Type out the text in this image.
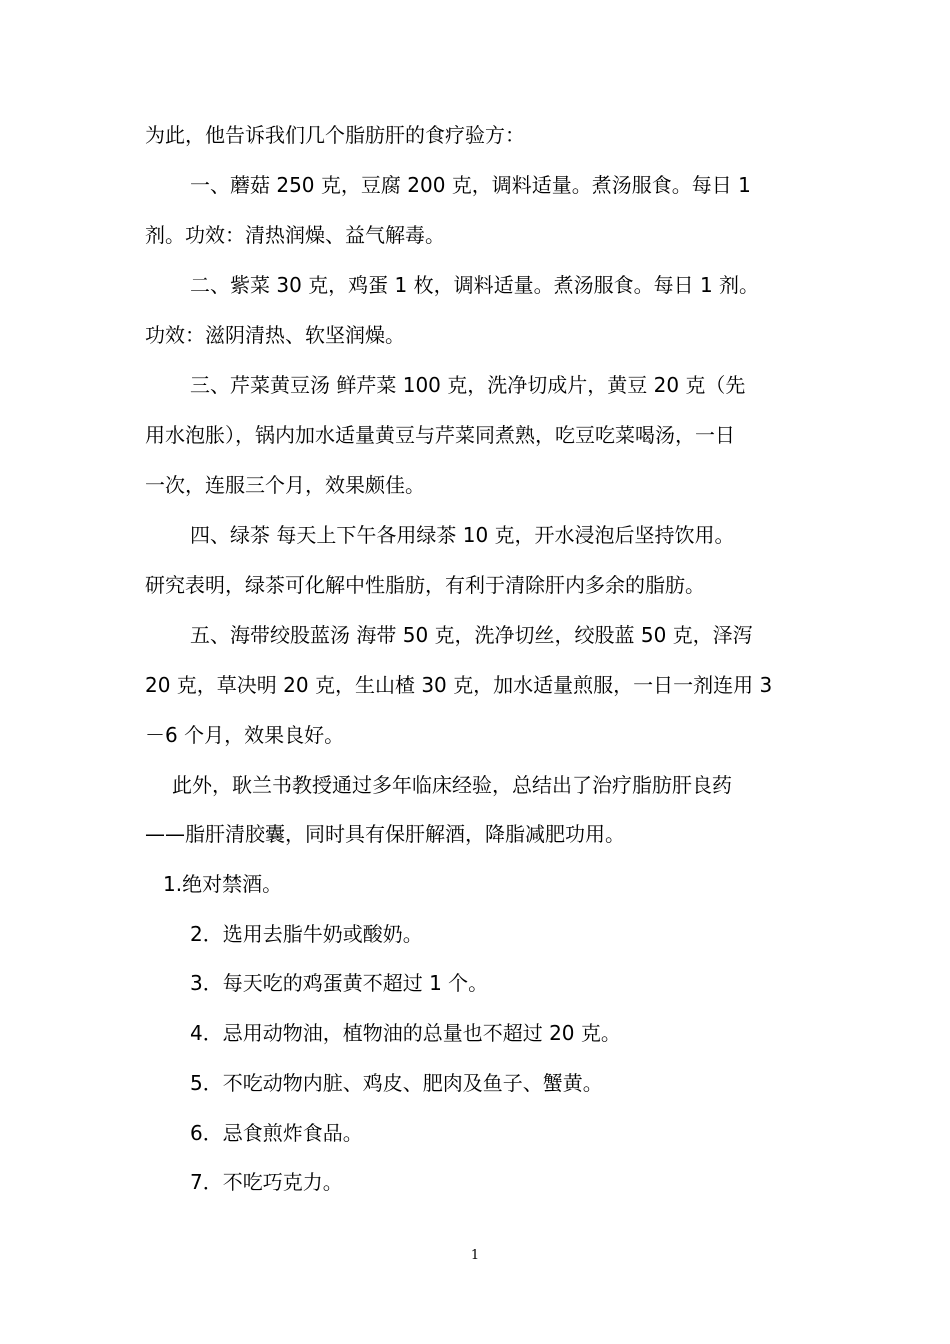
为此，他告诉我们几个脂肪肝的食疗验方：
一、蘑菇 250 克，豆腐 200 克，调料适量。煮汤服食。每日 1
剂。功效：清热润燥、益气解毒。
二、紫菜 30 克，鸡蛋 1 枚，调料适量。煮汤服食。每日 1 剂。
功效：滋阴清热、软坚润燥。
三、芹菜黄豆汤 鲜芹菜 100 克，洗净切成片，黄豆 20 克（先
用水泡胀），锅内加水适量黄豆与芹菜同煮熟，吃豆吃菜喝汤，一日
一次，连服三个月，效果颇佳。
四、绿茶 每天上下午各用绿茶 10 克，开水浸泡后坚持饮用。
研究表明，绿茶可化解中性脂肪，有利于清除肝内多余的脂肪。
五、海带绞股蓝汤 海带 50 克，洗净切丝，绞股蓝 50 克，泽泻
20 克，草决明 20 克，生山楂 30 克，加水适量煎服，一日一剂连用 3
－6 个月，效果良好。
此外，耿兰书教授通过多年临床经验，总结出了治疗脂肪肝良药
——脂肝清胶囊，同时具有保肝解酒，降脂减肥功用。
1.绝对禁酒。
2．选用去脂牛奶或酸奶。
3．每天吃的鸡蛋黄不超过 1 个。
4．忌用动物油，植物油的总量也不超过 20 克。
5．不吃动物内脏、鸡皮、肥肉及鱼子、蟹黄。
6．忌食煎炸食品。
7．不吃巧克力。
1
